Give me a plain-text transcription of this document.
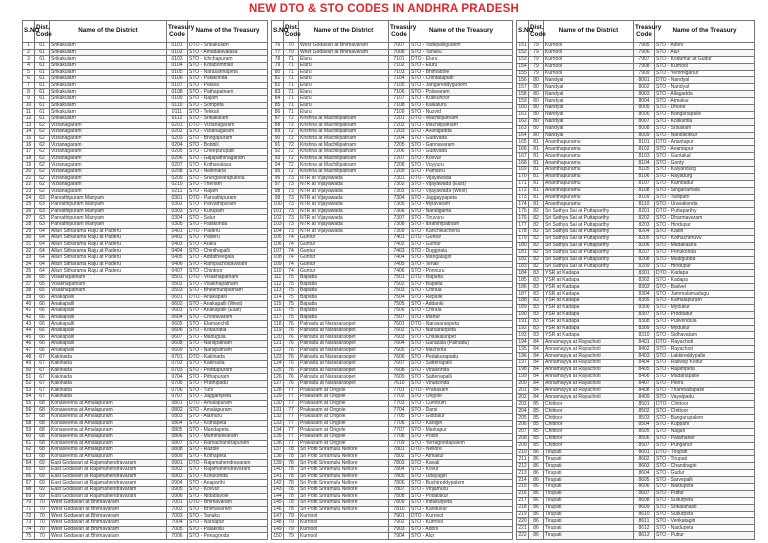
NEW DTO & STO CODES IN ANDHRA PRADESH
S.NO	Dist. Code	Name of the District	Treasury Code	Name of the Treasury
1	61	Srikakulam	0101	DTO - Srikakulam
2	61	Srikakulam	0102	STO - Amadalavalasa
3	61	Srikakulam	0103	STO - Ichchapuram
4	61	Srikakulam	0104	STO - Kotabommali
5	61	Srikakulam	0105	STO - Narasannapeta
6	61	Srikakulam	0106	STO - Palakonda
7	61	Srikakulam	0107	STO - Palasa
8	61	Srikakulam	0108	STO - Pathapatnam
9	61	Srikakulam	0109	STO - Rajam
10	61	Srikakulam	0110	STO - Sompeta
11	61	Srikakulam	0111	STO - Tekkali
12	61	Srikakulam	0112	STO - Srikakulam
13	62	Vizianagaram	0201	DTO - Vizianagaram
14	62	Vizianagaram	0202	STO - Vizianagaram
15	62	Vizianagaram	0203	STO - Bhogapuram
16	62	Vizianagaram	0204	STO - Bobbili
17	62	Vizianagaram	0205	STO - Cheepurupalli
18	62	Vizianagaram	0206	STO - Gajapathinagaram
19	62	Vizianagaram	0207	STO - Kothavalasa
20	62	Vizianagaram	0208	STO - Nellimarla
21	62	Vizianagaram	0209	STO - Srungavarapukota
22	62	Vizianagaram	0210	STO - Therlam
23	62	Vizianagaram	0211	STO - Rajam
24	63	Parvathipuram Manyam	0301	DTO - Parvathipuram
25	63	Parvathipuram Manyam	0302	STO - Parvathipuram
26	63	Parvathipuram Manyam	0303	STO - Kurupam
27	63	Parvathipuram Manyam	0304	STO - Salur
28	63	Parvathipuram Manyam	0305	STO - Palakonda
29	64	Alluri Sitharama Raju at Paderu	0401	DTO - Paderu
30	64	Alluri Sitharama Raju at Paderu	0402	STO - Paderu
31	64	Alluri Sitharama Raju at Paderu	0403	STO - Araku
32	64	Alluri Sitharama Raju at Paderu	0404	STO - Chinthapalli
33	64	Alluri Sitharama Raju at Paderu	0405	STO - Addatheegala
34	64	Alluri Sitharama Raju at Paderu	0406	STO - Rampachodavaram
35	64	Alluri Sitharama Raju at Paderu	0407	STO - Chintoor
36	65	Visakhapatnam	0501	DTO - Visakhapatnam
37	65	Visakhapatnam	0502	STO - Visakhapatnam
38	65	Visakhapatnam	0503	STO - Bheemunipatnam
39	66	Anakapalli	0601	DTO - Anakapalli
40	66	Anakapalli	0602	STO - Anakapalli (West)
41	66	Anakapalli	0603	STO - Anakapalli (East)
42	66	Anakapalli	0604	STO - Chodavaram
43	66	Anakapalli	0605	STO - Elamanchili
44	66	Anakapalli	0606	STO - Kotauratla
45	66	Anakapalli	0607	STO - Madugula
46	66	Anakapalli	0608	STO - Narsipatnam
47	66	Anakapalli	0609	STO - Narsipatnam
48	67	Kakinada	0701	DTO - Kakinada
49	67	Kakinada	0702	STO - Kakinada
50	67	Kakinada	0703	STO - Peddapuram
51	67	Kakinada	0704	STO - Pithapuram
52	67	Kakinada	0705	STO - Prathipadu
53	67	Kakinada	0706	STO - Tuni
54	67	Kakinada	0707	STO - Jaggampeta
55	68	Konaseema at Amalapuram	0801	DTO - Amalapuram
56	68	Konaseema at Amalapuram	0802	STO - Amalapuram
57	68	Konaseema at Amalapuram	0803	STO - Alamuru
58	68	Konaseema at Amalapuram	0804	STO - Kothapeta
59	68	Konaseema at Amalapuram	0805	STO - Mandapeta
60	68	Konaseema at Amalapuram	0806	STO - Mummidivaram
61	68	Konaseema at Amalapuram	0807	STO - Ramachandrapuram
62	68	Konaseema at Amalapuram	0808	STO - Razole
63	68	Konaseema at Amalapuram	0809	STO - Kothapeta
64	69	East Godavari at Rajamahendravaram	0901	DTO - Rajamahendravaram
65	69	East Godavari at Rajamahendravaram	0902	STO - Rajamahendravaram
66	69	East Godavari at Rajamahendravaram	0903	STO - Korukonda
67	69	East Godavari at Rajamahendravaram	0904	STO - Anaparthi
68	69	East Godavari at Rajamahendravaram	0905	STO - Kovvur
69	69	East Godavari at Rajamahendravaram	0906	STO - Nidadavole
70	70	West Godavari at Bhimavaram	7001	DTO - Bhimavaram
71	70	West Godavari at Bhimavaram	7002	STO - Bhimavaram
72	70	West Godavari at Bhimavaram	7003	STO - Tanuku
73	70	West Godavari at Bhimavaram	7004	STO - Narsapur
74	70	West Godavari at Bhimavaram	7005	STO - Palakollu
75	70	West Godavari at Bhimavaram	7006	STO - Penugonda
S.NO	Dist. Code	Name of the District	Treasury Code	Name of the Treasury
76	70	West Godavari at Bhimavaram	7007	STO - Tadepalligudem
77	70	West Godavari at Bhimavaram	7008	STO - Tanuku
78	71	Eluru	7101	DTO - Eluru
79	71	Eluru	7102	STO - Eluru
80	71	Eluru	7103	STO - Bhimadole
81	71	Eluru	7104	STO - Chintalapudi
82	71	Eluru	7105	STO - Jangareddygudem
83	71	Eluru	7106	STO - Polavaram
84	71	Eluru	7107	STO - Kukkunoor
85	71	Eluru	7108	STO - Kaikaluru
86	71	Eluru	7109	STO - Nuzvid
87	72	Krishna at Machilipatnam	7201	DTO - Machilipatnam
88	72	Krishna at Machilipatnam	7202	STO - Machilipatnam
89	72	Krishna at Machilipatnam	7203	STO - Avanigadda
90	72	Krishna at Machilipatnam	7204	STO - Gudivada
91	72	Krishna at Machilipatnam	7205	STO - Gannavaram
92	72	Krishna at Machilipatnam	7206	STO - Gudivada
93	72	Krishna at Machilipatnam	7207	STO - Kovvur
94	72	Krishna at Machilipatnam	7208	STO - Vuyyuru
95	72	Krishna at Machilipatnam	7209	STO - Pamarru
96	73	NTR at Vijayawada	7301	DTO - Vijayawada
97	73	NTR at Vijayawada	7302	STO - Vijayawada (East)
98	73	NTR at Vijayawada	7303	STO - Vijayawada (West)
99	73	NTR at Vijayawada	7304	STO - Jaggayyapeta
100	73	NTR at Vijayawada	7305	STO - Mylavaram
101	73	NTR at Vijayawada	7306	STO - Nandigama
102	73	NTR at Vijayawada	7307	STO - Tiruvuru
103	73	NTR at Vijayawada	7308	STO - Ibrahimpatnam
104	73	NTR at Vijayawada	7309	STO - Kanchikacherla
105	74	Guntur	7401	DTO - Guntur
106	74	Guntur	7402	STO - Guntur
107	74	Guntur	7403	STO - Duggirala
108	74	Guntur	7404	STO - Mangalagiri
109	74	Guntur	7405	STO - Tenali
110	74	Guntur	7406	STO - Ponnuru
111	75	Bapatla	7501	DTO - Bapatla
112	75	Bapatla	7502	STO - Bapatla
113	75	Bapatla	7503	STO - Chirala
114	75	Bapatla	7504	STO - Repalle
115	75	Bapatla	7505	STO - Addanki
116	75	Bapatla	7506	STO - Chirala
117	75	Bapatla	7507	STO - Martur
118	76	Palnadu at Narasaraopet	7601	DTO - Narasaraopeta
119	76	Palnadu at Narasaraopet	7602	STO - Narsaraopeta
120	76	Palnadu at Narasaraopet	7603	STO - Chilakaluripet
121	76	Palnadu at Narasaraopet	7604	STO - Gurazala (Palnadu)
122	76	Palnadu at Narasaraopet	7605	STO - Macherla
123	76	Palnadu at Narasaraopet	7606	STO - Pedakurapadu
124	76	Palnadu at Narasaraopet	7607	STO - Sattenapalli
125	76	Palnadu at Narasaraopet	7608	STO - Vinukonda
126	76	Palnadu at Narasaraopet	7609	STO - Sattenapalli
127	76	Palnadu at Narasaraopet	7610	STO - Vinukonda
128	77	Prakasam at Ongole	7701	DTO - Prakasam
129	77	Prakasam at Ongole	7702	STO - Ongole
130	77	Prakasam at Ongole	7703	STO - Cumbum
131	77	Prakasam at Ongole	7704	STO - Darsi
132	77	Prakasam at Ongole	7705	STO - Giddalur
133	77	Prakasam at Ongole	7706	STO - Kanigiri
134	77	Prakasam at Ongole	7707	STO - Markapur
135	77	Prakasam at Ongole	7708	STO - Podili
136	77	Prakasam at Ongole	7709	STO - Yerragondapalem
137	78	Sri Potti Sriramulu Nellore	7801	DTO - Nellore
138	78	Sri Potti Sriramulu Nellore	7802	STO - Atmakur
139	78	Sri Potti Sriramulu Nellore	7803	STO - Kavali
140	78	Sri Potti Sriramulu Nellore	7804	STO - Kovur
141	78	Sri Potti Sriramulu Nellore	7805	STO - Udayagiri
142	78	Sri Potti Sriramulu Nellore	7806	STO - Buchireddypalem
143	78	Sri Potti Sriramulu Nellore	7807	STO - Vinjamuru
144	78	Sri Potti Sriramulu Nellore	7808	STO - Podalakur
145	78	Sri Potti Sriramulu Nellore	7809	STO - Indukurpeta
146	78	Sri Potti Sriramulu Nellore	7810	STO - Kandukur
147	79	Kurnool	7901	DTO - Kurnool
148	79	Kurnool	7902	STO - Kurnool
149	79	Kurnool	7903	STO - Adoni
150	79	Kurnool	7904	STO - Alur
S.NO	Dist. Code	Name of the District	Treasury Code	Name of the Treasury
151	79	Kurnool	7905	STO - Adoni
152	79	Kurnool	7906	STO - Alur
153	79	Kurnool	7907	STO - Kodumur at Gudur
154	79	Kurnool	7908	STO - Kurnool
155	79	Kurnool	7909	STO - Yemmiganur
156	80	Nandyal	8001	DTO - Nandyal
157	80	Nandyal	8002	STO - Nandyal
158	80	Nandyal	8003	STO - Allagadda
159	80	Nandyal	8004	STO - Atmakur
160	80	Nandyal	8005	STO - Dhone
161	80	Nandyal	8006	STO - Banganapalle
162	80	Nandyal	8007	STO - Koilkuntla
163	80	Nandyal	8008	STO - Srisailam
164	80	Nandyal	8009	STO - Nandikotkur
165	81	Ananthapuramu	8101	DTO - Anantapur
166	81	Ananthapuramu	8102	STO - Anantapur
167	81	Ananthapuramu	8103	STO - Guntakal
168	81	Ananthapuramu	8104	STO - Gooty
169	81	Ananthapuramu	8105	STO - Kalyandurg
170	81	Ananthapuramu	8106	STO - Rayadurg
171	81	Ananthapuramu	8107	STO - Kambadur
172	81	Ananthapuramu	8108	STO - Singanamala
173	81	Ananthapuramu	8109	STO - Tadipatri
174	81	Ananthapuramu	8110	STO - Uravakonda
175	82	Sri Sathya Sai at Puttaparthy	8201	DTO - Puttaparthy
176	82	Sri Sathya Sai at Puttaparthy	8202	STO - Dharmavaram
177	82	Sri Sathya Sai at Puttaparthy	8203	STO - Hindupur
178	82	Sri Sathya Sai at Puttaparthy	8204	STO - Kadiri
179	82	Sri Sathya Sai at Puttaparthy	8205	STO - Kothacheruvu
180	82	Sri Sathya Sai at Puttaparthy	8206	STO - Madakasira
181	82	Sri Sathya Sai at Puttaparthy	8207	STO - Penukonda
182	82	Sri Sathya Sai at Puttaparthy	8208	STO - Mudigubba
183	82	Sri Sathya Sai at Puttaparthy	8209	STO - Hindupur
184	83	YSR at Kadapa	8301	DTO - Kadapa
185	83	YSR at Kadapa	8302	STO - Kadapa
186	83	YSR at Kadapa	8303	STO - Badvel
187	83	YSR at Kadapa	8304	STO - Jammalamadugu
188	83	YSR at Kadapa	8305	STO - Kamalapuram
189	83	YSR at Kadapa	8306	STO - Mydukur
190	83	YSR at Kadapa	8307	STO - Proddatur
191	83	YSR at Kadapa	8308	STO - Pulivendula
192	83	YSR at Kadapa	8309	STO - Mydukur
193	83	YSR at Kadapa	8310	STO - Sidhavatam
194	84	Annamayya at Rayachoti	8401	DTO - Rayachoti
195	84	Annamayya at Rayachoti	8402	STO - Rayachoti
196	84	Annamayya at Rayachoti	8403	STO - Lakkireddypalle
197	84	Annamayya at Rayachoti	8404	STO - Railway Kodur
198	84	Annamayya at Rayachoti	8405	STO - Rajampeta
199	84	Annamayya at Rayachoti	8406	STO - Madanapalle
200	84	Annamayya at Rayachoti	8407	STO - Pileru
201	84	Annamayya at Rayachoti	8408	STO - Thamballapalle
202	84	Annamayya at Rayachoti	8409	STO - Vayalpadu
203	85	Chittoor	8501	DTO - Chittoor
204	85	Chittoor	8502	STO - Chittoor
205	85	Chittoor	8503	STO - Bangarupalem
206	85	Chittoor	8504	STO - Kuppam
207	85	Chittoor	8505	STO - Nagari
208	85	Chittoor	8506	STO - Palamaner
209	85	Chittoor	8507	STO - Punganur
210	86	Tirupati	8601	DTO - Tirupati
211	86	Tirupati	8602	STO - Tirupati
212	86	Tirupati	8603	STO - Chandragiri
213	86	Tirupati	8604	STO - Gudur
214	86	Tirupati	8605	STO - Sarvepalli
215	86	Tirupati	8606	STO - Naidupeta
216	86	Tirupati	8607	STO - Puttur
217	86	Tirupati	8608	STO - Sullurpeta
218	86	Tirupati	8609	STO - Srikalahasti
219	86	Tirupati	8610	STO - Sullurpeta
220	86	Tirupati	8611	STO - Venkatagiri
221	86	Tirupati	8612	STO - Naidupeta
222	86	Tirupati	8613	STO - Puttur
